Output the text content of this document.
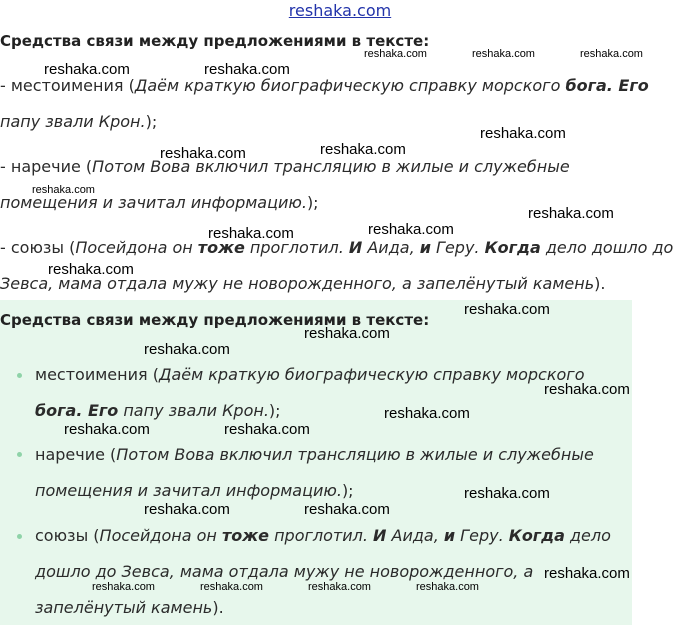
reshaka.com
Средства связи между предложениями в тексте:
- местоимения (Даём краткую биографическую справку морского бога. Его
папу звали Крон.);
- наречие (Потом Вова включил трансляцию в жилые и служебные
помещения и зачитал информацию.);
- союзы (Посейдона он тоже проглотил. И Аида, и Геру. Когда дело дошло до
Зевса, мама отдала мужу не новорожденного, а запелёнутый камень).
Средства связи между предложениями в тексте:
местоимения (Даём краткую биографическую справку морского
бога. Его папу звали Крон.);
наречие (Потом Вова включил трансляцию в жилые и служебные
помещения и зачитал информацию.);
союзы (Посейдона он тоже проглотил. И Аида, и Геру. Когда дело
дошло до Зевса, мама отдала мужу не новорожденного, а
запелёнутый камень).
reshaka.com	reshaka.com	reshaka.com
reshaka.com	reshaka.com
reshaka.com
reshaka.com	reshaka.com
reshaka.com
reshaka.com
reshaka.com	reshaka.com
reshaka.com
reshaka.com
reshaka.com
reshaka.com
reshaka.com
reshaka.com
reshaka.com	reshaka.com
reshaka.com
reshaka.com	reshaka.com
reshaka.com
reshaka.com	reshaka.com	reshaka.com	reshaka.com
